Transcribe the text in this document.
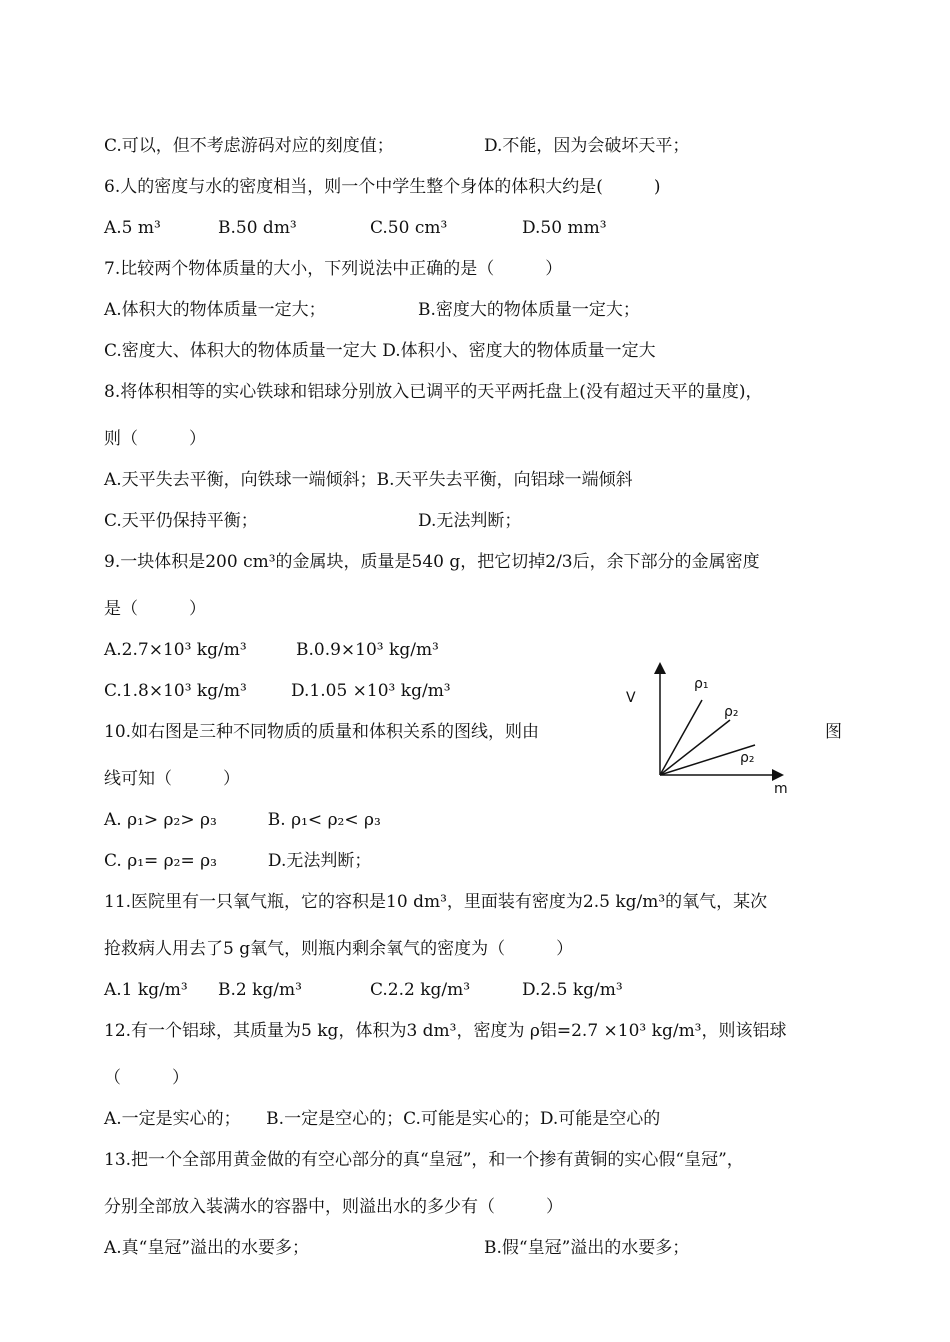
C.可以，但不考虑游码对应的刻度值；	D.不能，因为会破坏天平；
6.人的密度与水的密度相当，则一个中学生整个身体的体积大约是(　　　)
A.5 m³	B.50 dm³	C.50 cm³	D.50 mm³
7.比较两个物体质量的大小，下列说法中正确的是（　　　）
A.体积大的物体质量一定大；	B.密度大的物体质量一定大；
C.密度大、体积大的物体质量一定大 D.体积小、密度大的物体质量一定大
8.将体积相等的实心铁球和铝球分别放入已调平的天平两托盘上(没有超过天平的量度)，
则（　　　）
A.天平失去平衡，向铁球一端倾斜；B.天平失去平衡，向铝球一端倾斜
C.天平仍保持平衡；	D.无法判断；
9.一块体积是200 cm³的金属块，质量是540 g，把它切掉2/3后，余下部分的金属密度
是（　　　）
A.2.7×10³ kg/m³	B.0.9×10³ kg/m³
C.1.8×10³ kg/m³	D.1.05 ×10³ kg/m³
10.如右图是三种不同物质的质量和体积关系的图线，则由	图
线可知（　　　）
A. ρ₁> ρ₂> ρ₃　　　B. ρ₁< ρ₂< ρ₃
C. ρ₁= ρ₂= ρ₃　　　D.无法判断；
V
m
ρ₁
ρ₂
ρ₂
11.医院里有一只氧气瓶，它的容积是10 dm³，里面装有密度为2.5 kg/m³的氧气，某次
抢救病人用去了5 g氧气，则瓶内剩余氧气的密度为（　　　）
A.1 kg/m³ B.2 kg/m³	C.2.2 kg/m³	D.2.5 kg/m³
12.有一个铝球，其质量为5 kg，体积为3 dm³，密度为 ρ铝=2.7 ×10³ kg/m³，则该铝球
（　　　）
A.一定是实心的；　　B.一定是空心的；C.可能是实心的；D.可能是空心的
13.把一个全部用黄金做的有空心部分的真“皇冠”，和一个掺有黄铜的实心假“皇冠”，
分别全部放入装满水的容器中，则溢出水的多少有（　　　）
A.真“皇冠”溢出的水要多；	B.假“皇冠”溢出的水要多；
